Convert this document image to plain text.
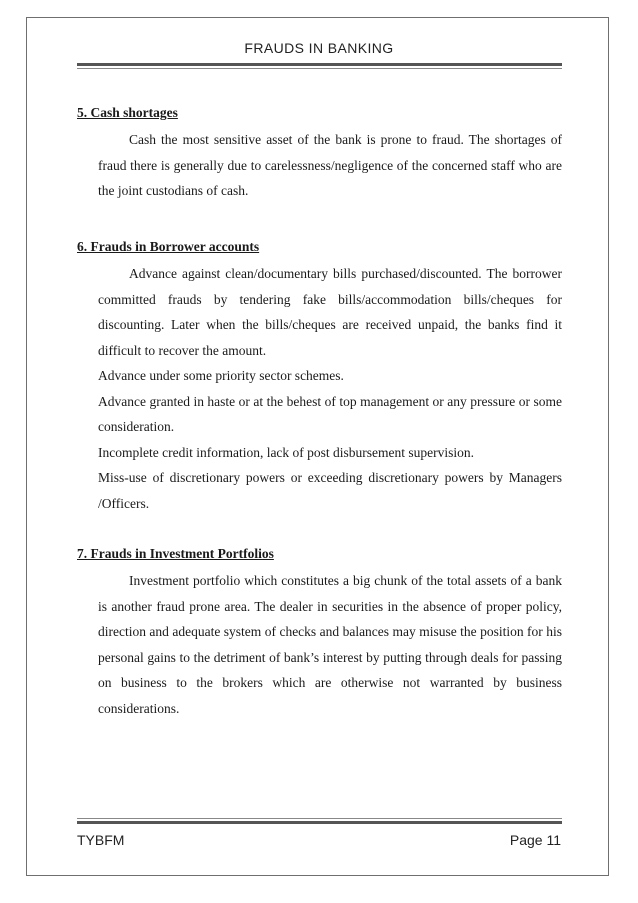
FRAUDS IN BANKING

5. Cash shortages

Cash the most sensitive asset of the bank is prone to fraud. The shortages of fraud there is generally due to carelessness/negligence of the concerned staff who are the joint custodians of cash.

6. Frauds in Borrower accounts

Advance against clean/documentary bills purchased/discounted. The borrower committed frauds by tendering fake bills/accommodation bills/cheques for discounting. Later when the bills/cheques are received unpaid, the banks find it difficult to recover the amount.

Advance under some priority sector schemes.

Advance granted in haste or at the behest of top management or any pressure or some consideration.

Incomplete credit information, lack of post disbursement supervision.

Miss-use of discretionary powers or exceeding discretionary powers by Managers /Officers.

7. Frauds in Investment Portfolios

Investment portfolio which constitutes a big chunk of the total assets of a bank is another fraud prone area. The dealer in securities in the absence of proper policy, direction and adequate system of checks and balances may misuse the position for his personal gains to the detriment of bank’s interest by putting through deals for passing on business to the brokers which are otherwise not warranted by business considerations.

TYBFM	Page 11
